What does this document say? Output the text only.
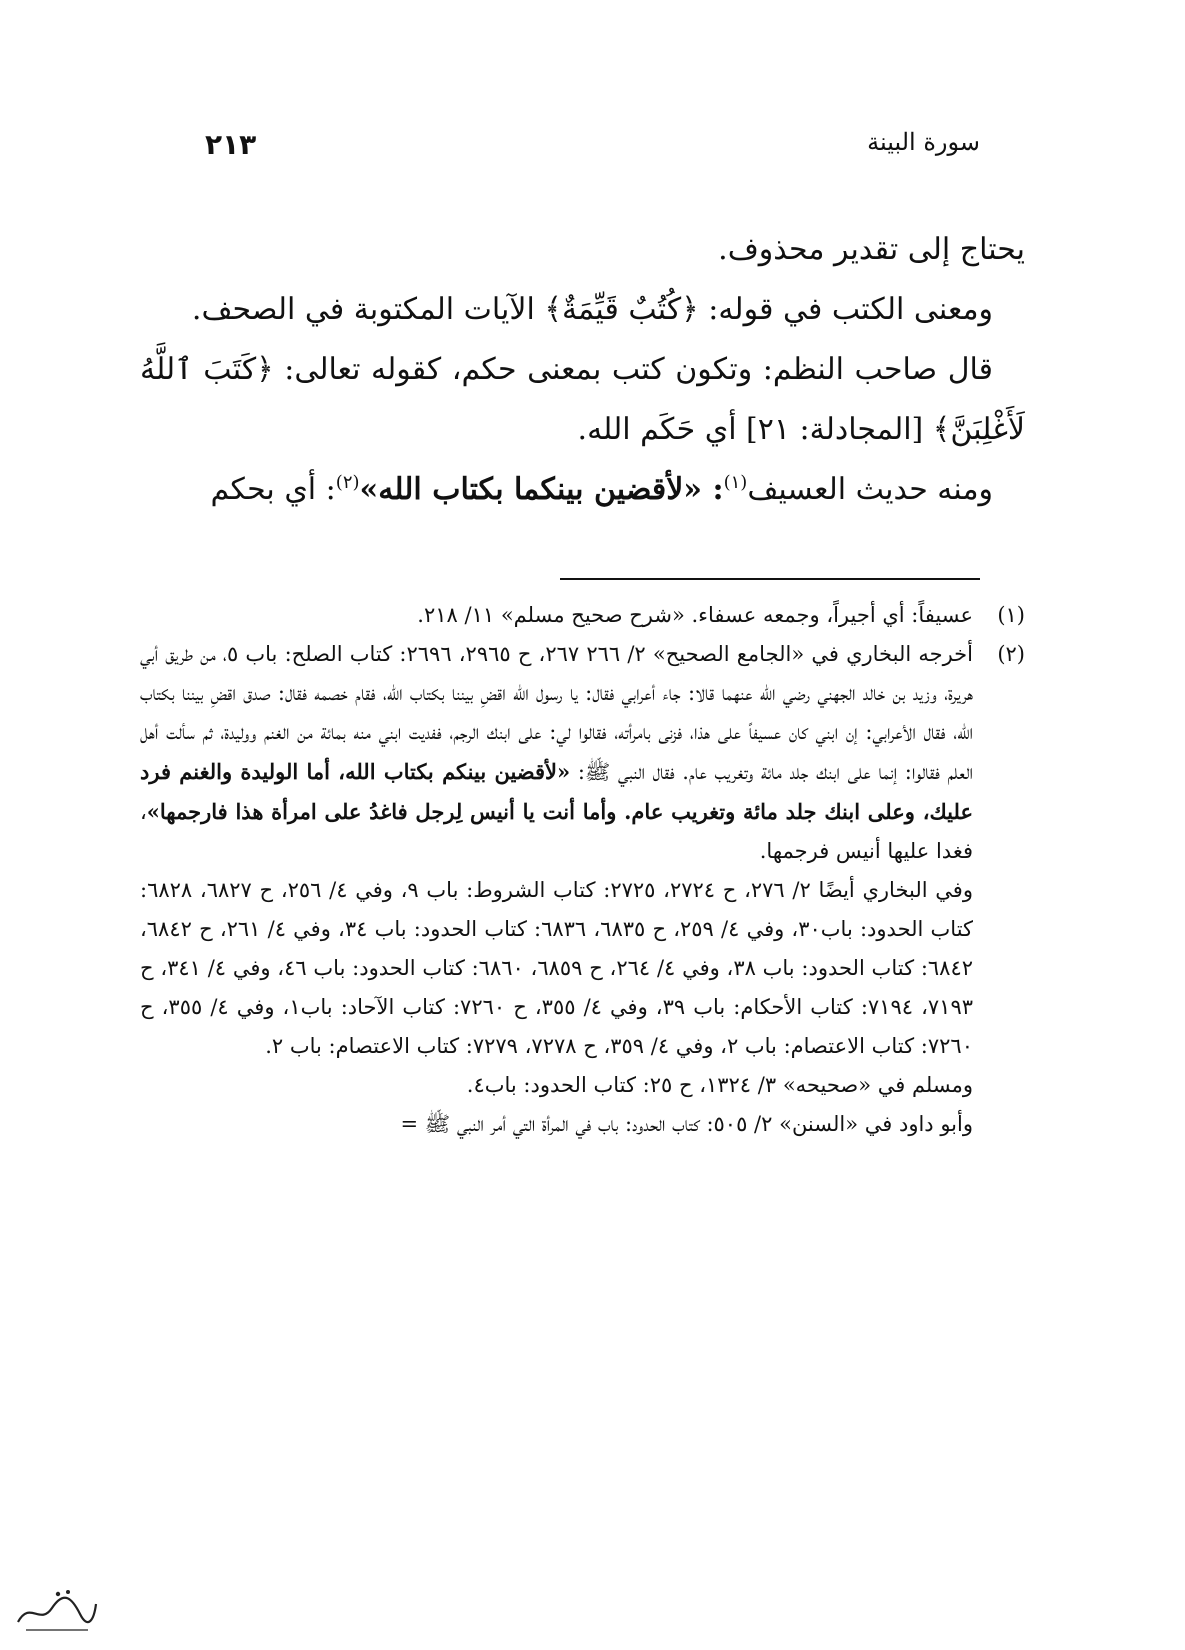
٢١٣	سورة البينة

يحتاج إلى تقدير محذوف.

ومعنى الكتب في قوله: ﴿كُتُبٌ قَيِّمَةٌ﴾ الآيات المكتوبة في الصحف.

قال صاحب النظم: وتكون كتب بمعنى حكم، كقوله تعالى: ﴿كَتَبَ ٱللَّهُ لَأَغْلِبَنَّ﴾ [المجادلة: ٢١] أي حَكَم الله.

ومنه حديث العسيف$^{(١)}$: «لأقضين بينكما بكتاب الله»$^{(٢)}$: أي بحكم

(١)
عسيفاً: أي أجيراً، وجمعه عسفاء. «شرح صحيح مسلم» ١١/ ٢١٨.

(٢)
أخرجه البخاري في «الجامع الصحيح» ٢/ ٢٦٦ ٢٦٧، ح ٢٩٦٥، ٢٦٩٦: كتاب الصلح: باب ٥، من طريق أبي هريرة، وزيد بن خالد الجهني رضي الله عنهما قالا: جاء أعرابي فقال: يا رسول الله اقضِ بيننا بكتاب الله، فقام خصمه فقال: صدق اقضِ بيننا بكتاب الله، فقال الأعرابي: إن ابني كان عسيفاً على هذا، فزنى بامرأته، فقالوا لي: على ابنك الرجم، ففديت ابني منه بمائة من الغنم ووليدة، ثم سألت أهل العلم فقالوا: إنما على ابنك جلد مائة وتغريب عام. فقال النبي ﷺ: «لأقضين بينكم بكتاب الله، أما الوليدة والغنم فرد عليك، وعلى ابنك جلد مائة وتغريب عام. وأما أنت يا أنيس لِرجل فاغدُ على امرأة هذا فارجمها»، فغدا عليها أنيس فرجمها.

وفي البخاري أيضًا ٢/ ٢٧٦، ح ٢٧٢٤، ٢٧٢٥: كتاب الشروط: باب ٩، وفي ٤/ ٢٥٦، ح ٦٨٢٧، ٦٨٢٨: كتاب الحدود: باب٣٠، وفي ٤/ ٢٥٩، ح ٦٨٣٥، ٦٨٣٦: كتاب الحدود: باب ٣٤، وفي ٤/ ٢٦١، ح ٦٨٤٢، ٦٨٤٢: كتاب الحدود: باب ٣٨، وفي ٤/ ٢٦٤، ح ٦٨٥٩، ٦٨٦٠: كتاب الحدود: باب ٤٦، وفي ٤/ ٣٤١، ح ٧١٩٣، ٧١٩٤: كتاب الأحكام: باب ٣٩، وفي ٤/ ٣٥٥، ح ٧٢٦٠: كتاب الآحاد: باب١، وفي ٤/ ٣٥٥، ح ٧٢٦٠: كتاب الاعتصام: باب ٢، وفي ٤/ ٣٥٩، ح ٧٢٧٨، ٧٢٧٩: كتاب الاعتصام: باب ٢.

ومسلم في «صحيحه» ٣/ ١٣٢٤، ح ٢٥: كتاب الحدود: باب٤.

وأبو داود في «السنن» ٢/ ٥٠٥: كتاب الحدود: باب في المرأة التي أمر النبي ﷺ =
